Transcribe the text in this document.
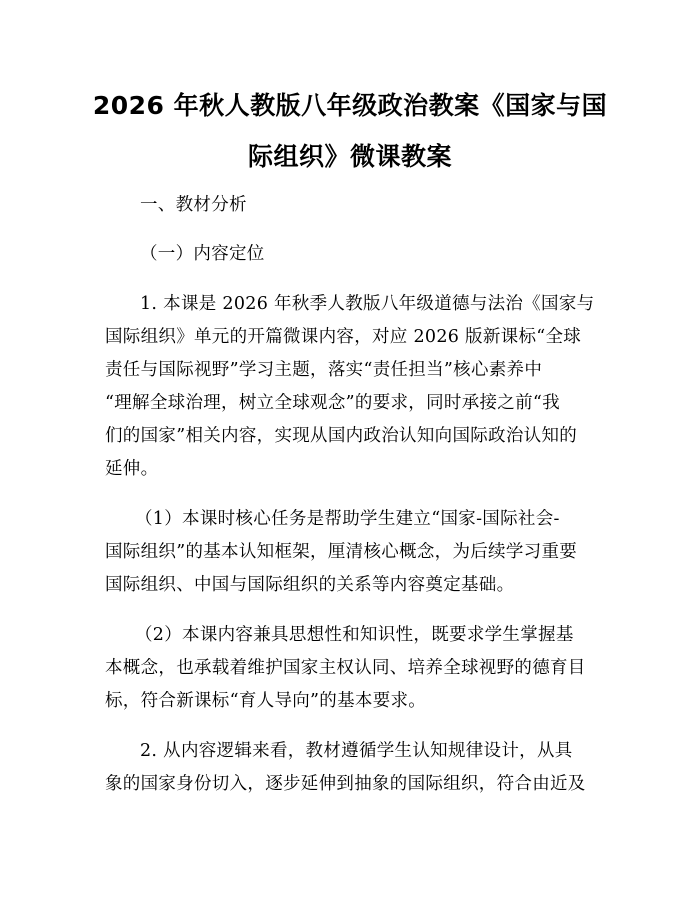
2026 年秋人教版八年级政治教案《国家与国
际组织》微课教案
一、教材分析
（一）内容定位
1. 本课是 2026 年秋季人教版八年级道德与法治《国家与
国际组织》单元的开篇微课内容，对应 2026 版新课标“全球
责任与国际视野”学习主题，落实“责任担当”核心素养中
“理解全球治理，树立全球观念”的要求，同时承接之前“我
们的国家”相关内容，实现从国内政治认知向国际政治认知的
延伸。
（1）本课时核心任务是帮助学生建立“国家-国际社会-
国际组织”的基本认知框架，厘清核心概念，为后续学习重要
国际组织、中国与国际组织的关系等内容奠定基础。
（2）本课内容兼具思想性和知识性，既要求学生掌握基
本概念，也承载着维护国家主权认同、培养全球视野的德育目
标，符合新课标“育人导向”的基本要求。
2. 从内容逻辑来看，教材遵循学生认知规律设计，从具
象的国家身份切入，逐步延伸到抽象的国际组织，符合由近及
